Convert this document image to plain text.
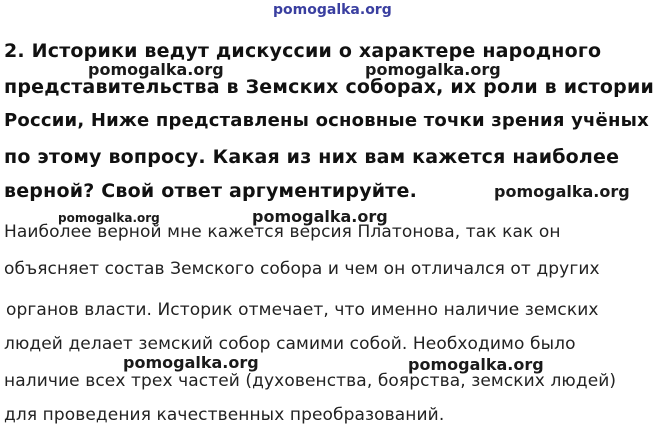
pomogalka.org

2. Историки ведут дискуссии о характере народного

представительства в Земских соборах, их роли в истории

России, Ниже представлены основные точки зрения учёных

по этому вопросу. Какая из них вам кажется наиболее

верной? Свой ответ аргументируйте.

Наиболее верной мне кажется версия Платонова, так как он

объясняет состав Земского собора и чем он отличался от других

органов власти. Историк отмечает, что именно наличие земских

людей делает земский собор самими собой. Необходимо было

наличие всех трех частей (духовенства, боярства, земских людей)

для проведения качественных преобразований.

pomogalka.org	pomogalka.org
pomogalka.org
pomogalka.org	pomogalka.org
pomogalka.org	pomogalka.org
